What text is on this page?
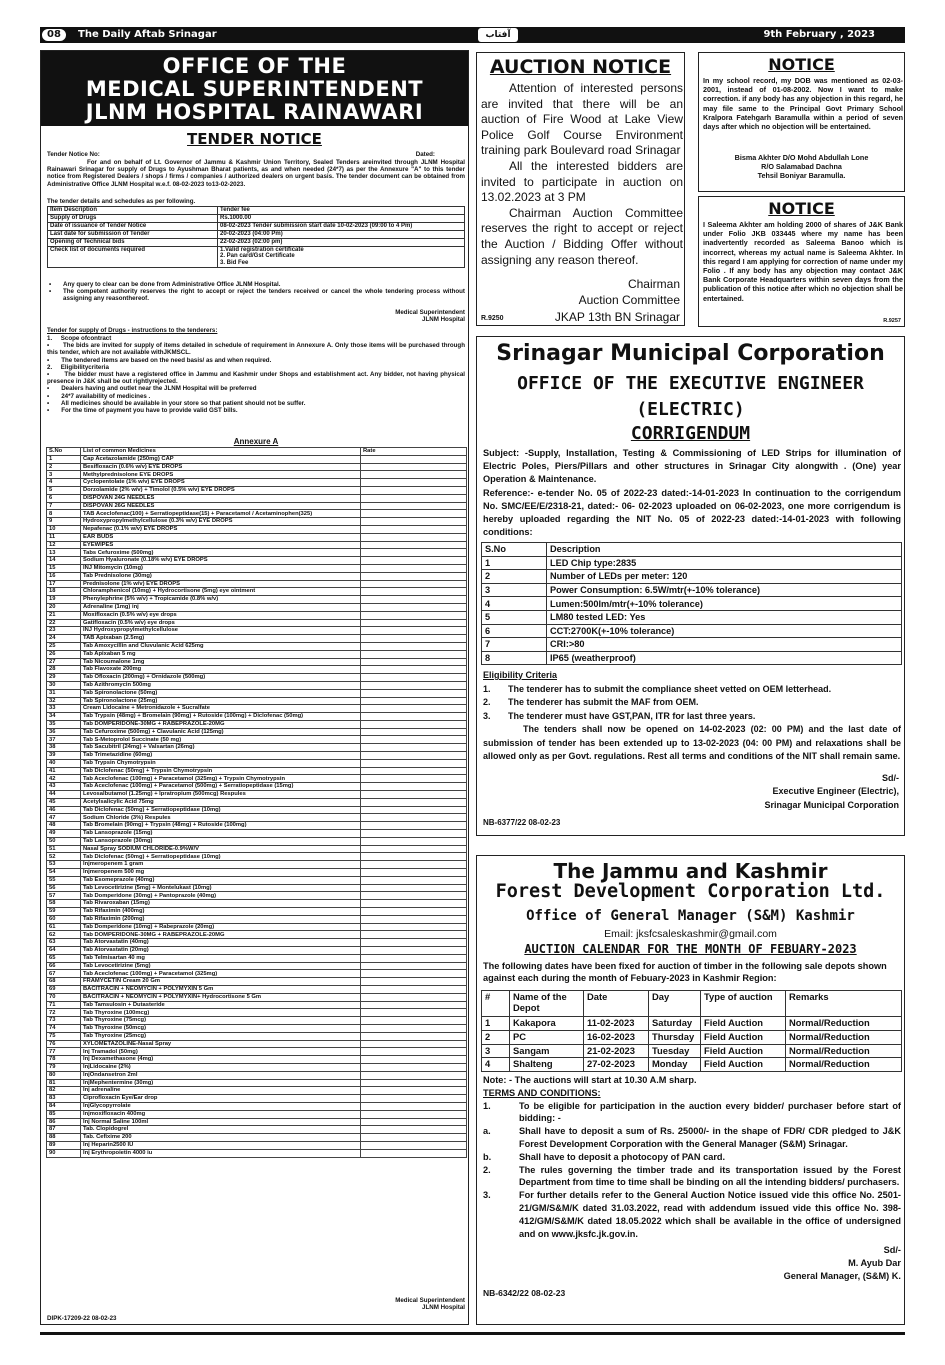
08	The Daily Aftab Srinagar	آفتاب	9th February , 2023
OFFICE OF THE
MEDICAL SUPERINTENDENT
JLNM HOSPITAL RAINAWARI
TENDER NOTICE
Tender Notice No:	Dated:
For and on behalf of Lt. Governor of Jammu & Kashmir Union Territory, Sealed Tenders areinvited through JLNM Hospital Rainawari Srinagar for supply of Drugs to Ayushman Bharat patients, as and when needed (24*7) as per the Annexure "A" to this tender notice from Registered Dealers / shops / firms / companies / authorized dealers on urgent basis. The tender document can be obtained from Administrative Office JLNM Hospital w.e.f. 08-02-2023 to13-02-2023.
The tender details and schedules as per following.
Item Description	Tender fee
Supply of Drugs	Rs.1000.00
Date of issuance of Tender Notice	08-02-2023 Tender submission start date 10-02-2023 (09:00 to 4 Pm)
Last date for submission of Tender	20-02-2023 (04:00 Pm)
Opening of Technical bids	22-02-2023 (02:00 pm)
Check list of documents required	1.Valid registration certificate
2. Pan card/Gst Certificate
3. Bid Fee
• Any query to clear can be done from Administrative Office JLNM Hospital.
• The competent authority reserves the right to accept or reject the tenders received or cancel the whole tendering process without assigning any reasonthereof.
Medical Superintendent
JLNM Hospital
Tender for supply of Drugs - instructions to the tenderers:
1.     Scope ofcontract
•       The bids are invited for supply of items detailed in schedule of requirement in Annexure A. Only those items will be purchased through this tender, which are not available withJKMSCL.
•       The tendered items are based on the need basis/ as and when required.
2.     Eligibilitycriteria
•       The bidder must have a registered office in Jammu and Kashmir under Shops and establishment act. Any bidder, not having physical presence in J&K shall be out rightlyrejected.
•       Dealers having and outlet near the JLNM Hospital will be preferred
•       24*7 availability of medicines .
•       All medicines should be available in your store so that patient should not be suffer.
•       For the time of payment you have to provide valid GST bills.
Annexure A
S.No	List of common Medicines	Rate
1	Cap Acetazolamide (250mg) CAP	
2	Besifloxacin (0.6% w/v) EYE DROPS	
3	Methylprednisolone EYE DROPS	
4	Cyclopentolate (1% w/v) EYE DROPS	
5	Dorzolamide (2% w/v) + Timolol (0.5% w/v) EYE DROPS	
6	DISPOVAN 24G NEEDLES	
7	DISPOVAN 26G NEEDLES	
8	TAB Aceclofenac(100) + Serratiopeptidase(15) + Paracetamol / Acetaminophen(325)	
9	Hydroxypropylmethylcellulose (0.3% w/v) EYE DROPS	
10	Nepafenac (0.1% w/v) EYE DROPS	
11	EAR BUDS	
12	EYEWIPES	
13	Tabs Cefuroxime (500mg)	
14	Sodium Hyaluronate (0.18% w/v) EYE DROPS	
15	INJ Mitomycin (10mg)	
16	Tab Prednisolone (30mg)	
17	Prednisolone (1% w/v) EYE DROPS	
18	Chloramphenicol (10mg) + Hydrocortisone (5mg) eye ointment	
19	Phenylephrine (5% w/v) + Tropicamide (0.8% w/v)	
20	Adrenaline (1mg) inj	
21	Moxifloxacin (0.5% w/v) eye drops	
22	Gatifloxacin (0.5% w/v) eye drops	
23	INJ Hydroxypropylmethylcellulose	
24	TAB Apixaban (2.5mg)	
25	Tab Amoxycillin and Cluvulanic Acid 625mg	
26	Tab Apixaban 5 mg	
27	Tab Nicoumalone 1mg	
28	Tab Flavoxate 200mg	
29	Tab Ofloxacin (200mg) + Ornidazole (500mg)	
30	Tab Azithromycin 500mg	
31	Tab Spironolactone (50mg)	
32	Tab Spironolactone (25mg)	
33	Cream Lidocaine + Metronidazole + Sucralfate	
34	Tab Trypsin (48mg) + Bromelain (90mg) + Rutoside (100mg) + Diclofenac (50mg)	
35	Tab DOMPERIDONE-30MG + RABEPRAZOLE-20MG	
36	Tab Cefuroxime (500mg) + Clavulanic Acid (125mg)	
37	Tab S-Metoprolol Succinate (50 mg)	
38	Tab Sacubitril (24mg) + Valsartan (26mg)	
39	Tab Trimetazidine (60mg)	
40	Tab Trypsin Chymotrypsin	
41	Tab Diclofenac (50mg) + Trypsin Chymotrypsin	
42	Tab Aceclofenac (100mg) + Paracetamol (325mg) + Trypsin Chymotrypsin	
43	Tab Aceclofenac (100mg) + Paracetamol (500mg) + Serratiopeptidase (15mg)	
44	Levosalbutamol (1.25mg) + Ipratropium (500mcg) Respules	
45	Acetylsalicylic Acid 75mg	
46	Tab Diclofenac (50mg) + Serratiopeptidase (10mg)	
47	Sodium Chloride (3%) Respules	
48	Tab Bromelain (90mg) + Trypsin (48mg) + Rutoside (100mg)	
49	Tab Lansoprazole (15mg)	
50	Tab Lansoprazole (30mg)	
51	Nasal Spray SODIUM CHLORIDE-0.9%W/V	
52	Tab Diclofenac (50mg) + Serratiopeptidase (10mg)	
53	Injmeropenem 1 gram	
54	Injmeropenem 500 mg	
55	Tab Esomeprazole (40mg)	
56	Tab Levocetirizine (5mg) + Montelukast (10mg)	
57	Tab Domperidone (30mg) + Pantoprazole (40mg)	
58	Tab Rivaroxaban (15mg)	
59	Tab Rifaximin (400mg)	
60	Tab Rifaximin (200mg)	
61	Tab Domperidone (10mg) + Rabeprazole (20mg)	
62	Tab DOMPERIDONE-30MG + RABEPRAZOLE-20MG	
63	Tab Atorvastatin (40mg)	
64	Tab Atorvastatin (20mg)	
65	Tab Telmisartan 40 mg	
66	Tab Levocetirizine (5mg)	
67	Tab Aceclofenac (100mg) + Paracetamol (325mg)	
68	FRAMYCETIN Cream 20 Gm	
69	BACITRACIN + NEOMYCIN + POLYMYXIN 5 Gm	
70	BACITRACIN + NEOMYCIN + POLYMYXIN+ Hydrocortisone 5 Gm	
71	Tab Tamsulosin + Dutasteride	
72	Tab Thyroxine (100mcg)	
73	Tab Thyroxine (75mcg)	
74	Tab Thyroxine (50mcg)	
75	Tab Thyroxine (25mcg)	
76	XYLOMETAZOLINE-Nasal Spray	
77	Inj Tramadol (50mg)	
78	Inj Dexamethasone (4mg)	
79	InjLidocaine (2%)	
80	InjOndansetron 2ml	
81	InjMephentermine (30mg)	
82	Inj adrenaline	
83	Ciprofloxacin Eye/Ear drop	
84	InjGlycopyrrolate	
85	Injmoxifloxacin 400mg	
86	Inj Normal Saline 100ml	
87	Tab. Clopidogrel	
88	Tab. Cefixime 200	
89	Inj Heparin2500 IU	
90	Inj Erythropoietin 4000 iu	
Medical Superintendent
JLNM Hospital
DIPK-17209-22 08-02-23
AUCTION NOTICE

Attention of interested persons are invited that there will be an auction of Fire Wood at Lake View Police Golf Course Environment training park Boulevard road Srinagar

All the interested bidders are invited to participate in auction on 13.02.2023 at 3 PM

Chairman Auction Committee reserves the right to accept or reject the Auction / Bidding Offer without assigning any reason thereof.

Chairman
Auction Committee
JKAP 13th BN Srinagar
R.9250
NOTICE
In my school record, my DOB was mentioned as 02-03-2001, instead of 01-08-2002. Now I want to make correction. if any body has any objection in this regard, he may file same to the Principal Govt Primary School Kralpora Fatehgarh Baramulla within a period of seven days after which no objection will be entertained.
Bisma Akhter D/O Mohd Abdullah Lone
R/O Salamabad Dachna
Tehsil Boniyar Baramulla.
NOTICE
I Saleema Akhter am holding 2000 of shares of J&K Bank under Folio JKB 033445 where my name has been inadvertently recorded as Saleema Banoo which is incorrect, whereas my actual name is Saleema Akhter. In this regard I am applying for correction of name under my Folio . If any body has any objection may contact J&K Bank Corporate Headquarters within seven days from the publication of this notice after which no objection shall be entertained.
R.9257
Srinagar Municipal Corporation
OFFICE OF THE EXECUTIVE ENGINEER
(ELECTRIC)
CORRIGENDUM

Subject: -Supply, Installation, Testing & Commissioning of LED Strips for illumination of Electric Poles, Piers/Pillars and other structures in Srinagar City alongwith . (One) year Operation & Maintenance.

Reference:- e-tender No. 05 of 2022-23 dated:-14-01-2023 In continuation to the corrigendum No. SMC/EE/E/2318-21, dated:- 06- 02-2023 uploaded on 06-02-2023, one more corrigendum is hereby uploaded regarding the NIT No. 05 of 2022-23 dated:-14-01-2023 with following conditions:

S.No	Description
1	LED Chip type:2835
2	Number of LEDs per meter: 120
3	Power Consumption: 6.5W/mtr(+-10% tolerance)
4	Lumen:500lm/mtr(+-10% tolerance)
5	LM80 tested LED: Yes
6	CCT:2700K(+-10% tolerance)
7	CRI:>80
8	IP65 (weatherproof)
Eligibility Criteria
1.       The tenderer has to submit the compliance sheet vetted on OEM letterhead.
2.       The tenderer has submit the MAF from OEM.
3.       The tenderer must have GST,PAN, ITR for last three years.

The tenders shall now be opened on 14-02-2023 (02: 00 PM) and the last date of submission of tender has been extended up to 13-02-2023 (04: 00 PM) and relaxations shall be allowed only as per Govt. regulations. Rest all terms and conditions of the NIT shall remain same.

Sd/-
Executive Engineer (Electric),
Srinagar Municipal Corporation
NB-6377/22 08-02-23
The Jammu and Kashmir
Forest Development Corporation Ltd.
Office of General Manager (S&M) Kashmir
Email: jksfcsaleskashmir@gmail.com
AUCTION CALENDAR FOR THE MONTH OF FEBUARY-2023
The following dates have been fixed for auction of timber in the following sale depots shown against each during the month of Febuary-2023 in Kashmir Region:
#	Name of the Depot	Date	Day	Type of auction	Remarks
1	Kakapora	11-02-2023	Saturday	Field Auction	Normal/Reduction
2	PC	16-02-2023	Thursday	Field Auction	Normal/Reduction
3	Sangam	21-02-2023	Tuesday	Field Auction	Normal/Reduction
4	Shalteng	27-02-2023	Monday	Field Auction	Normal/Reduction
Note: - The auctions will start at 10.30 A.M sharp.
TERMS AND CONDITIONS:
1.	To be eligible for participation in the auction every bidder/ purchaser before start of bidding: -
a.	Shall have to deposit a sum of Rs. 25000/- in the shape of FDR/ CDR pledged to J&K Forest Development Corporation with the General Manager (S&M) Srinagar.
b.	Shall have to deposit a photocopy of PAN card.
2.	The rules governing the timber trade and its transportation issued by the Forest Department from time to time shall be binding on all the intending bidders/ purchasers.
3.	For further details refer to the General Auction Notice issued vide this office No. 2501-21/GM/S&M/K dated 31.03.2022, read with addendum issued vide this office No. 398-412/GM/S&M/K dated 18.05.2022 which shall be available in the office of undersigned and on www.jksfc.jk.gov.in.
Sd/-
M. Ayub Dar
General Manager, (S&M) K.
NB-6342/22 08-02-23
